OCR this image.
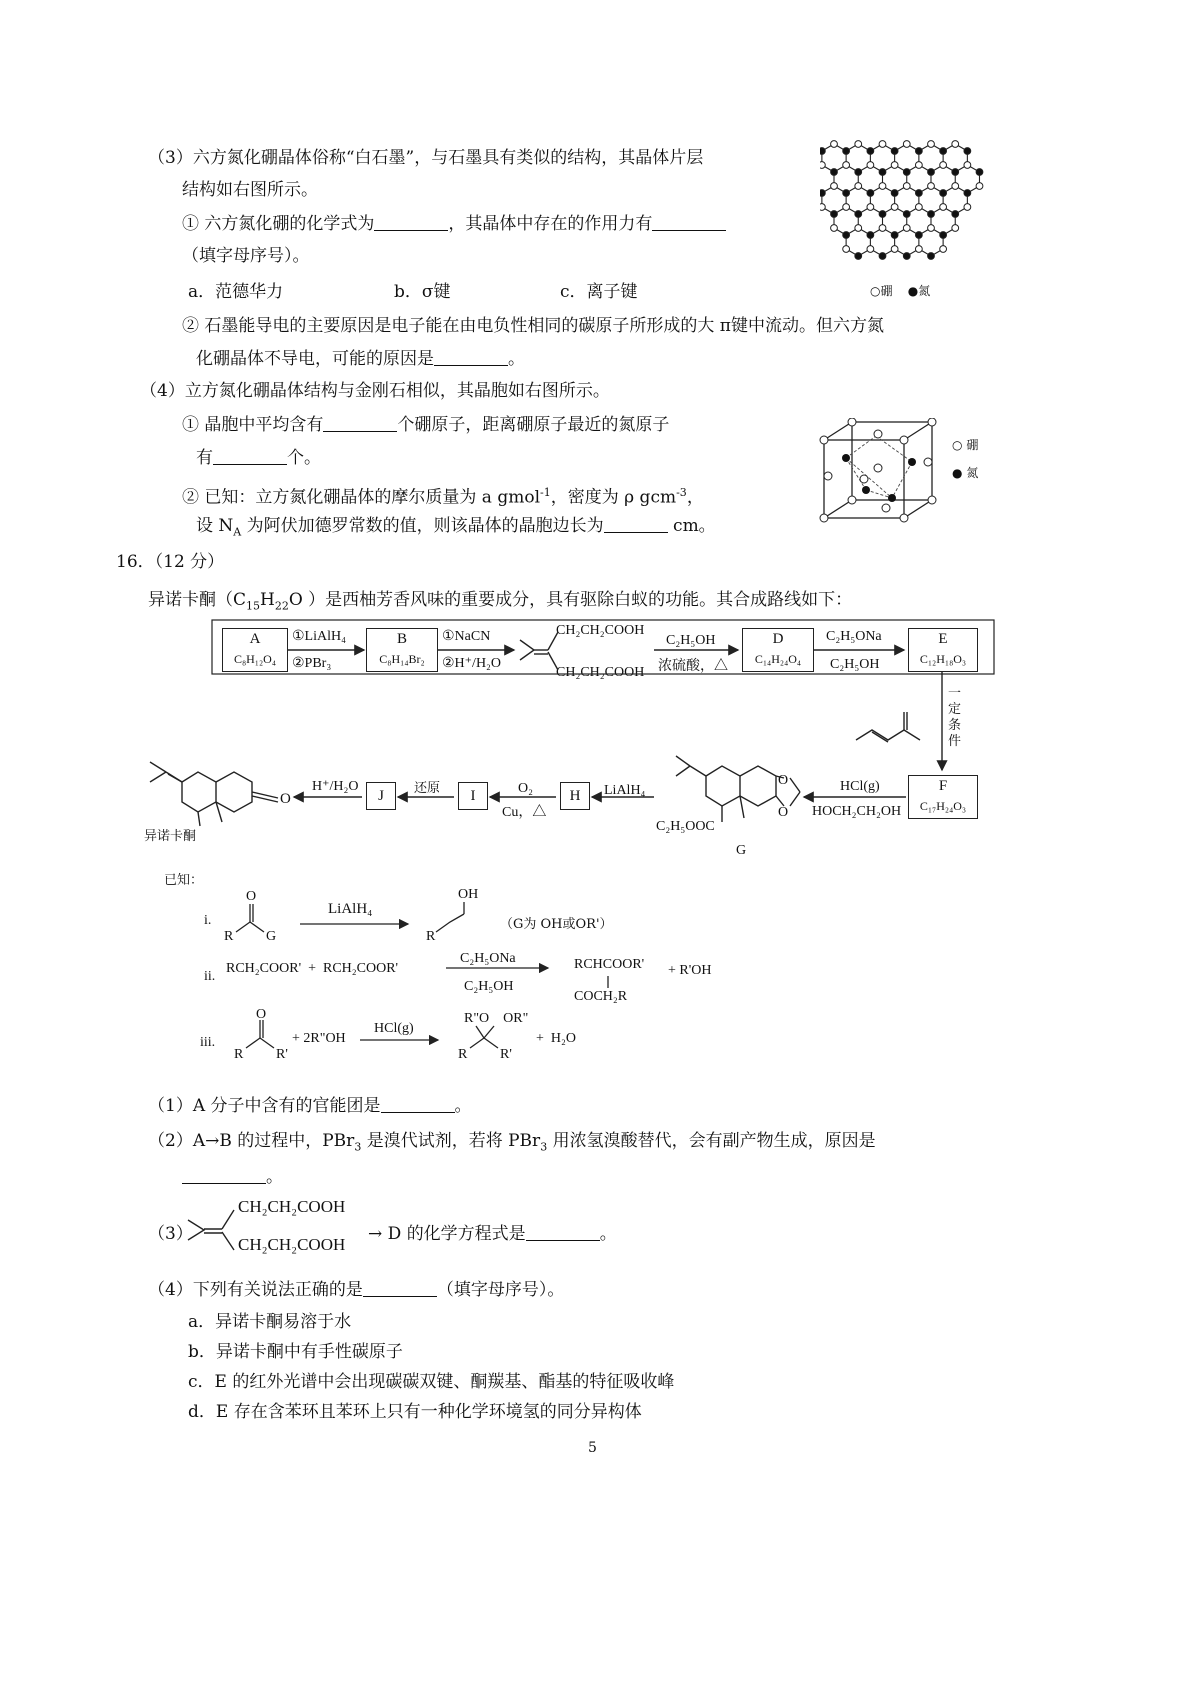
（3）六方氮化硼晶体俗称“白石墨”，与石墨具有类似的结构，其晶体片层
结构如右图所示。
① 六方氮化硼的化学式为	，其晶体中存在的作用力有
（填字母序号）。
a．范德华力	b．σ键	c．离子键
② 石墨能导电的主要原因是电子能在由电负性相同的碳原子所形成的大 π键中流动。但六方氮
化硼晶体不导电，可能的原因是	。
○硼 ●氮
（4）立方氮化硼晶体结构与金刚石相似，其晶胞如右图所示。
① 晶胞中平均含有	个硼原子，距离硼原子最近的氮原子
有	个。
② 已知：立方氮化硼晶体的摩尔质量为 a gmol$^{-1}$，密度为 ρ gcm$^{-3}$，
设 $N_A$ 为阿伏加德罗常数的值，则该晶体的晶胞边长为	cm。
○ 硼
● 氮
16．（12 分）
异诺卡酮（$C_{15}H_{22}O$ ）是西柚芳香风味的重要成分，具有驱除白蚁的功能。其合成路线如下：
A
C₈H₁₂O₄
①LiAlH₄
②PBr₃
B
C₈H₁₄Br₂
①NaCN
②H⁺/H₂O
CH₂CH₂COOH
CH₂CH₂COOH
C₂H₅OH
浓硫酸，△
D
C₁₄H₂₄O₄
C₂H₅ONa
C₂H₅OH
E
C₁₂H₁₈O₃
一定条件
F
C₁₇H₂₄O₃
HCl(g)
HOCH₂CH₂OH
C₂H₅OOC
G
O
O
LiAlH₄
H
O₂
Cu，△
I
还原
J
H⁺/H₂O
O
异诺卡酮
已知：
i.
O
R G
LiAlH₄
OH
R
（G为 OH或OR'）
ii.
RCH₂COOR'  +  RCH₂COOR'
C₂H₅ONa
C₂H₅OH
RCHCOOR'
COCH₂R
+ R'OH
iii.
O
R R'
+ 2R"OH
HCl(g)
R"O    OR"
R R'
+  H₂O
（1）A 分子中含有的官能团是	。
（2）A→B 的过程中，PBr$_3$ 是溴代试剂，若将 PBr$_3$ 用浓氢溴酸替代，会有副产物生成，原因是
。
（3）
CH₂CH₂COOH
CH₂CH₂COOH
→ D 的化学方程式是	。
（4）下列有关说法正确的是	（填字母序号）。
a．异诺卡酮易溶于水
b．异诺卡酮中有手性碳原子
c．E 的红外光谱中会出现碳碳双键、酮羰基、酯基的特征吸收峰
d．E 存在含苯环且苯环上只有一种化学环境氢的同分异构体
5
